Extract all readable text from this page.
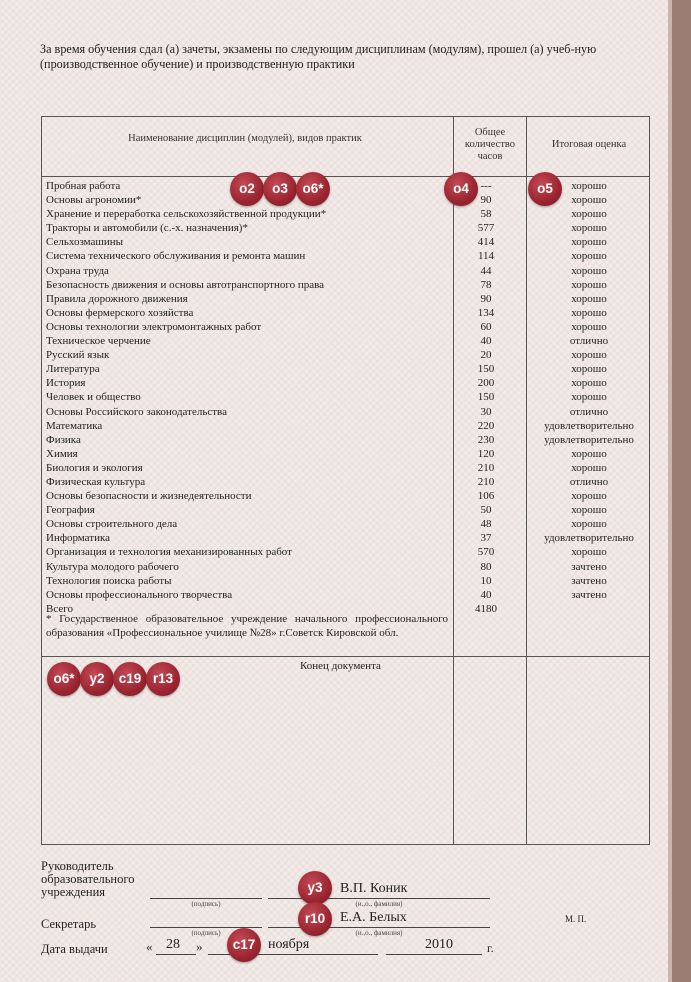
За время обучения сдал (а) зачеты, экзамены по следующим дисциплинам (модулям), прошел (а) учеб-ную (производственное обучение) и производственную практики
Наименование дисциплин (модулей), видов практик
Общее количество часов
Итоговая оценка
Пробная работа	---	хорошо
Основы агрономии*	90	хорошо
Хранение и переработка сельскохозяйственной продукции*	58	хорошо
Тракторы и автомобили (с.-х. назначения)*	577	хорошо
Сельхозмашины	414	хорошо
Система технического обслуживания и ремонта машин	114	хорошо
Охрана труда	44	хорошо
Безопасность движения и основы автотранспортного права	78	хорошо
Правила дорожного движения	90	хорошо
Основы фермерского хозяйства	134	хорошо
Основы технологии электромонтажных работ	60	хорошо
Техническое черчение	40	отлично
Русский язык	20	хорошо
Литература	150	хорошо
История	200	хорошо
Человек и общество	150	хорошо
Основы Российского законодательства	30	отлично
Математика	220	удовлетворительно
Физика	230	удовлетворительно
Химия	120	хорошо
Биология и экология	210	хорошо
Физическая культура	210	отлично
Основы безопасности и жизнедеятельности	106	хорошо
География	50	хорошо
Основы строительного дела	48	хорошо
Информатика	37	удовлетворительно
Организация и технология механизированных работ	570	хорошо
Культура молодого рабочего	80	зачтено
Технология поиска работы	10	зачтено
Основы профессионального творчества	40	зачтено
Всего	4180
* Государственное образовательное учреждение начального профессионального образования «Профессиональное училище №28» г.Советск Кировской обл.
Конец документа
Руководитель образовательного учреждения
(подпись)	(и.,о., фамилия)
В.П. Коник
Секретарь
(подпись)	(и.,о., фамилия)
Е.А. Белых	М. П.
Дата выдачи	« 28 »	ноября	2010	г.
o2	o3	o6*	o4	o5
o6*	y2	c19 r13
y3
r10
c17
